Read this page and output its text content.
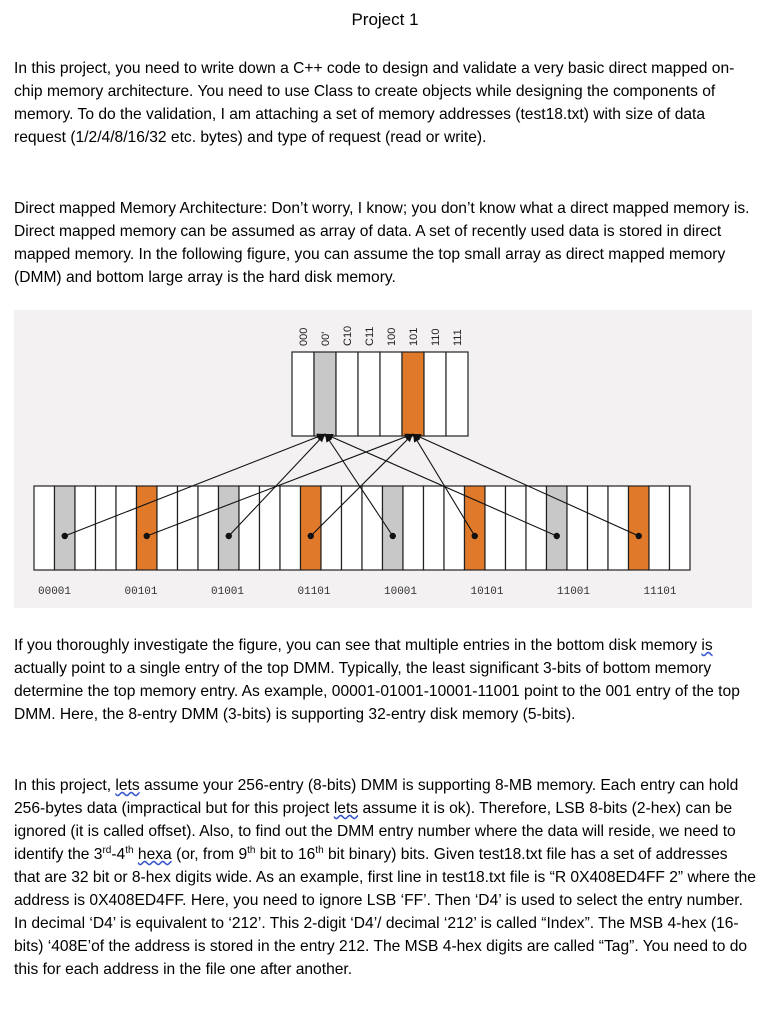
Project 1
In this project, you need to write down a C++ code to design and validate a very basic direct mapped on-chip memory architecture. You need to use Class to create objects while designing the components of memory. To do the validation, I am attaching a set of memory addresses (test18.txt) with size of data request (1/2/4/8/16/32 etc. bytes) and type of request (read or write).
Direct mapped Memory Architecture: Don’t worry, I know; you don’t know what a direct mapped memory is. Direct mapped memory can be assumed as array of data. A set of recently used data is stored in direct mapped memory. In the following figure, you can assume the top small array as direct mapped memory (DMM) and bottom large array is the hard disk memory.
000 00' C10 C11 100 101 110 111
00001	00101	01001	01101	10001	10101	11001	11101
If you thoroughly investigate the figure, you can see that multiple entries in the bottom disk memory is actually point to a single entry of the top DMM. Typically, the least significant 3-bits of bottom memory determine the top memory entry. As example, 00001-01001-10001-11001 point to the 001 entry of the top DMM. Here, the 8-entry DMM (3-bits) is supporting 32-entry disk memory (5-bits).
In this project, lets assume your 256-entry (8-bits) DMM is supporting 8-MB memory. Each entry can hold 256-bytes data (impractical but for this project lets assume it is ok). Therefore, LSB 8-bits (2-hex) can be ignored (it is called offset). Also, to find out the DMM entry number where the data will reside, we need to identify the 3rd-4th hexa (or, from 9th bit to 16th bit binary) bits. Given test18.txt file has a set of addresses that are 32 bit or 8-hex digits wide. As an example, first line in test18.txt file is “R 0X408ED4FF 2” where the address is 0X408ED4FF. Here, you need to ignore LSB ‘FF’. Then ‘D4’ is used to select the entry number. In decimal ‘D4’ is equivalent to ‘212’. This 2-digit ‘D4’/ decimal ‘212’ is called “Index”. The MSB 4-hex (16-bits) ‘408E’of the address is stored in the entry 212. The MSB 4-hex digits are called “Tag”. You need to do this for each address in the file one after another.
